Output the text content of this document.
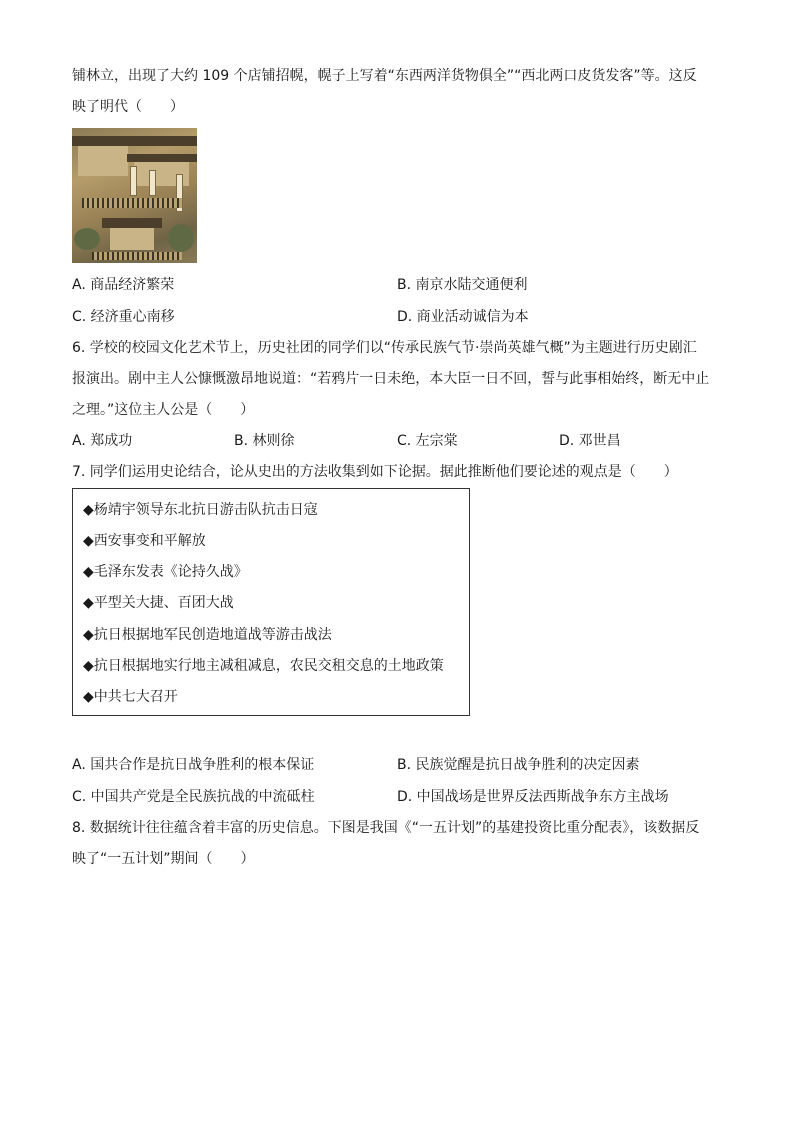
铺林立，出现了大约 109 个店铺招幌，幌子上写着“东西两洋货物俱全”“西北两口皮货发客”等。这反
映了明代（　　）
A. 商品经济繁荣	B. 南京水陆交通便利
C. 经济重心南移	D. 商业活动诚信为本
6. 学校的校园文化艺术节上，历史社团的同学们以“传承民族气节·崇尚英雄气概”为主题进行历史剧汇
报演出。剧中主人公慷慨激昂地说道：“若鸦片一日未绝，本大臣一日不回，誓与此事相始终，断无中止
之理。”这位主人公是（　　）
A. 郑成功	B. 林则徐	C. 左宗棠	D. 邓世昌
7. 同学们运用史论结合，论从史出的方法收集到如下论据。据此推断他们要论述的观点是（　　）
◆杨靖宇领导东北抗日游击队抗击日寇
◆西安事变和平解放
◆毛泽东发表《论持久战》
◆平型关大捷、百团大战
◆抗日根据地军民创造地道战等游击战法
◆抗日根据地实行地主减租减息，农民交租交息的土地政策
◆中共七大召开
A. 国共合作是抗日战争胜利的根本保证	B. 民族觉醒是抗日战争胜利的决定因素
C. 中国共产党是全民族抗战的中流砥柱	D. 中国战场是世界反法西斯战争东方主战场
8. 数据统计往往蕴含着丰富的历史信息。下图是我国《“一五计划”的基建投资比重分配表》，该数据反
映了“一五计划”期间（　　）
